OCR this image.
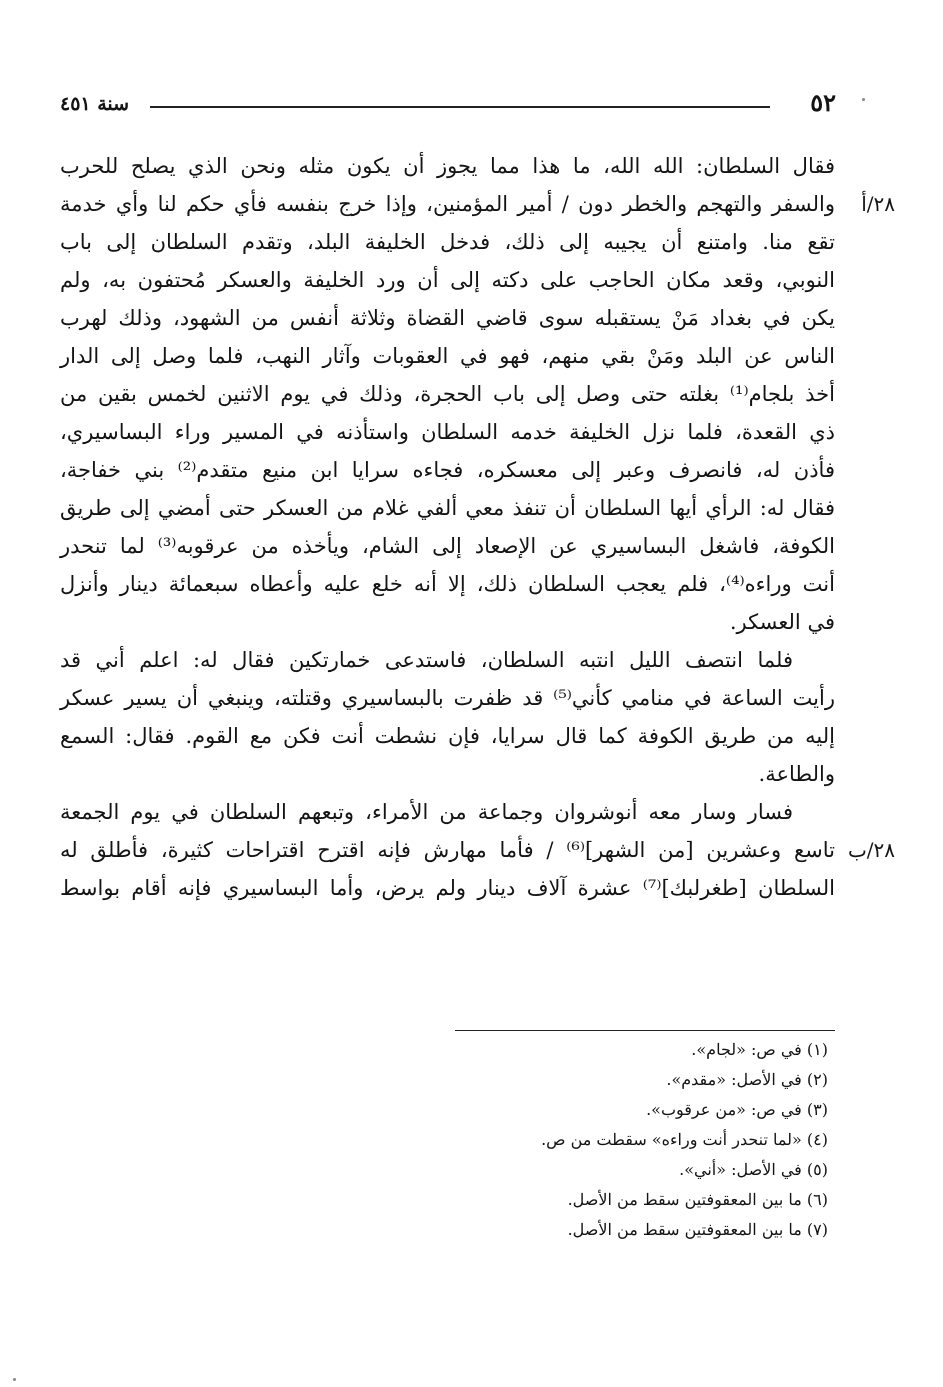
٥٢
سنة ٤٥١
فقال السلطان: الله الله، ما هذا مما يجوز أن يكون مثله ونحن الذي يصلح للحرب
والسفر والتهجم والخطر دون / أمير المؤمنين، وإذا خرج بنفسه فأي حكم لنا وأي خدمة ٢٨/أ
تقع منا. وامتنع أن يجيبه إلى ذلك، فدخل الخليفة البلد، وتقدم السلطان إلى باب
النوبي، وقعد مكان الحاجب على دكته إلى أن ورد الخليفة والعسكر مُحتفون به، ولم
يكن في بغداد مَنْ يستقبله سوى قاضي القضاة وثلاثة أنفس من الشهود، وذلك لهرب
الناس عن البلد ومَنْ بقي منهم، فهو في العقوبات وآثار النهب، فلما وصل إلى الدار
أخذ بلجام⁽¹⁾ بغلته حتى وصل إلى باب الحجرة، وذلك في يوم الاثنين لخمس بقين من
ذي القعدة، فلما نزل الخليفة خدمه السلطان واستأذنه في المسير وراء البساسيري،
فأذن له، فانصرف وعبر إلى معسكره، فجاءه سرايا ابن منيع متقدم⁽²⁾ بني خفاجة،
فقال له: الرأي أيها السلطان أن تنفذ معي ألفي غلام من العسكر حتى أمضي إلى طريق
الكوفة، فاشغل البساسيري عن الإصعاد إلى الشام، ويأخذه من عرقوبه⁽³⁾ لما تنحدر
أنت وراءه⁽⁴⁾، فلم يعجب السلطان ذلك، إلا أنه خلع عليه وأعطاه سبعمائة دينار وأنزل
في العسكر.
فلما انتصف الليل انتبه السلطان، فاستدعى خمارتكين فقال له: اعلم أني قد
رأيت الساعة في منامي كأني⁽⁵⁾ قد ظفرت بالبساسيري وقتلته، وينبغي أن يسير عسكر
إليه من طريق الكوفة كما قال سرايا، فإن نشطت أنت فكن مع القوم. فقال: السمع
والطاعة.
فسار وسار معه أنوشروان وجماعة من الأمراء، وتبعهم السلطان في يوم الجمعة
تاسع وعشرين [من الشهر]⁽⁶⁾ / فأما مهارش فإنه اقترح اقتراحات كثيرة، فأطلق له ٢٨/ب
السلطان [طغرلبك]⁽⁷⁾ عشرة آلاف دينار ولم يرض، وأما البساسيري فإنه أقام بواسط
(١) في ص: «لجام».
(٢) في الأصل: «مقدم».
(٣) في ص: «من عرقوب».
(٤) «لما تنحدر أنت وراءه» سقطت من ص.
(٥) في الأصل: «أني».
(٦) ما بين المعقوفتين سقط من الأصل.
(٧) ما بين المعقوفتين سقط من الأصل.
